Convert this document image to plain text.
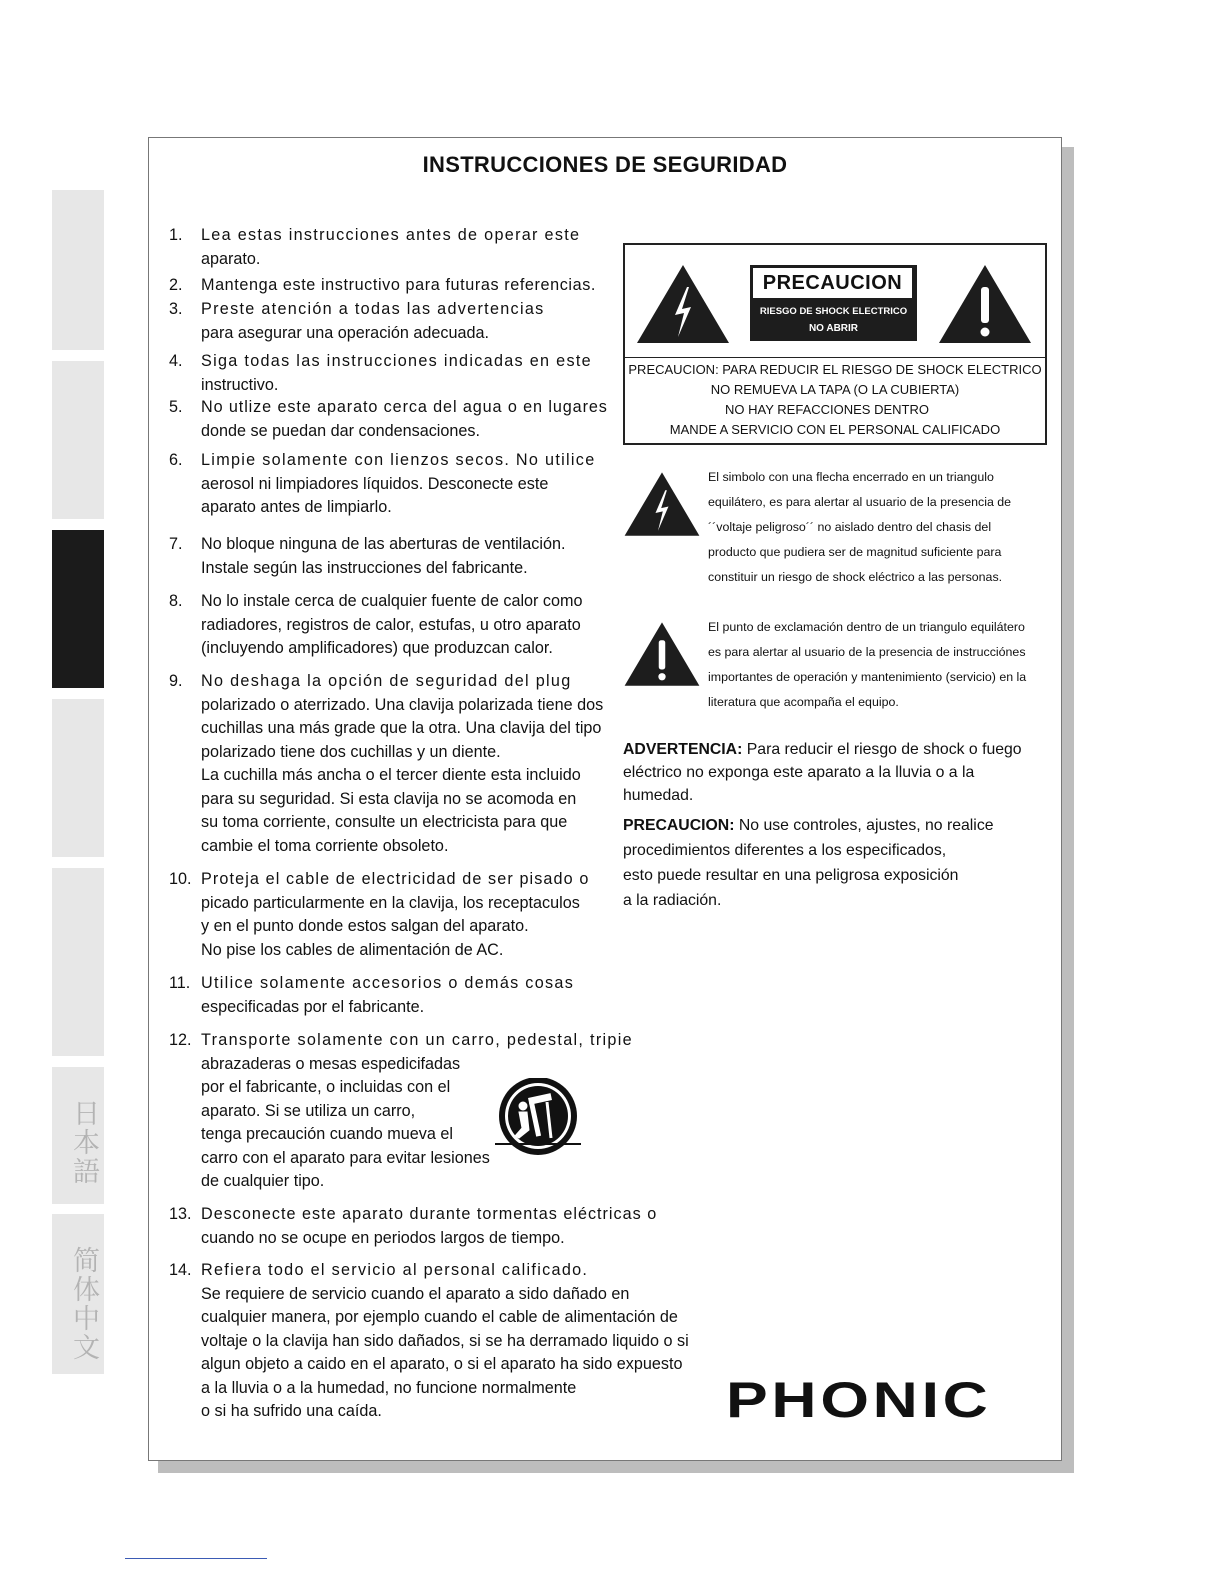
日本語
简体中文
INSTRUCCIONES DE SEGURIDAD
1.	Lea estas instrucciones antes de operar este
aparato.
2.	Mantenga este instructivo para futuras referencias.
3.	Preste atención a todas las advertencias
para asegurar una operación adecuada.
4.	Siga todas las instrucciones indicadas en este
instructivo.
5.	No utlize este aparato cerca del agua o en lugares
donde se puedan dar condensaciones.
6.	Limpie solamente con lienzos secos. No utilice
aerosol ni limpiadores líquidos. Desconecte este
aparato antes de limpiarlo.
7.	No bloque ninguna de las aberturas de ventilación.
Instale según las instrucciones del fabricante.
8.	No lo instale cerca de cualquier fuente de calor como
radiadores, registros de calor, estufas, u otro aparato
(incluyendo amplificadores) que produzcan calor.
9.	No deshaga la opción de seguridad del plug
polarizado o aterrizado. Una clavija polarizada tiene dos
cuchillas una más grade que la otra. Una clavija del tipo
polarizado tiene dos cuchillas y un diente.
La cuchilla más ancha o el tercer diente esta incluido
para su seguridad. Si esta clavija no se acomoda en
su toma corriente, consulte un electricista para que
cambie el toma corriente obsoleto.
10. Proteja el cable de electricidad de ser pisado o
picado particularmente en la clavija, los receptaculos
y en el punto donde estos salgan del aparato.
No pise los cables de alimentación de AC.
11. Utilice solamente accesorios o demás cosas
especificadas por el fabricante.
12. Transporte solamente con un carro, pedestal, tripie
abrazaderas o mesas espedicifadas
por el fabricante, o incluidas con el
aparato. Si se utiliza un carro,
tenga precaución cuando mueva el
carro con el aparato para evitar lesiones
de cualquier tipo.
13. Desconecte este aparato durante tormentas eléctricas o
cuando no se ocupe en periodos largos de tiempo.
14. Refiera todo el servicio al personal calificado.
Se requiere de servicio cuando el aparato a sido dañado en
cualquier manera, por ejemplo cuando el cable de alimentación de
voltaje o la clavija han sido dañados, si se ha derramado liquido o si
algun objeto a caido en el aparato, o si el aparato ha sido expuesto
a la lluvia o a la humedad, no funcione normalmente
o si ha sufrido una caída.
PRECAUCION
RIESGO DE SHOCK ELECTRICO
NO ABRIR
PRECAUCION: PARA REDUCIR EL RIESGO DE SHOCK ELECTRICO
NO REMUEVA LA TAPA (O LA CUBIERTA)
NO HAY REFACCIONES DENTRO
MANDE A SERVICIO CON EL PERSONAL CALIFICADO
El simbolo con una flecha encerrado en un triangulo
equilátero, es para alertar al usuario de la presencia de
´´voltaje peligroso´´ no aislado dentro del chasis del
producto que pudiera ser de magnitud suficiente para
constituir un riesgo de shock eléctrico a las personas.
El punto de exclamación dentro de un triangulo equilátero
es para alertar al usuario de la presencia de instrucciónes
importantes de operación y mantenimiento (servicio) en la
literatura que acompaña el equipo.
ADVERTENCIA: Para reducir el riesgo de shock o fuego
eléctrico no exponga este aparato a la lluvia o a la
humedad.
PRECAUCION: No use controles, ajustes, no realice
procedimientos diferentes a los especificados,
esto puede resultar en una peligrosa exposición
a la radiación.
PHONIC
